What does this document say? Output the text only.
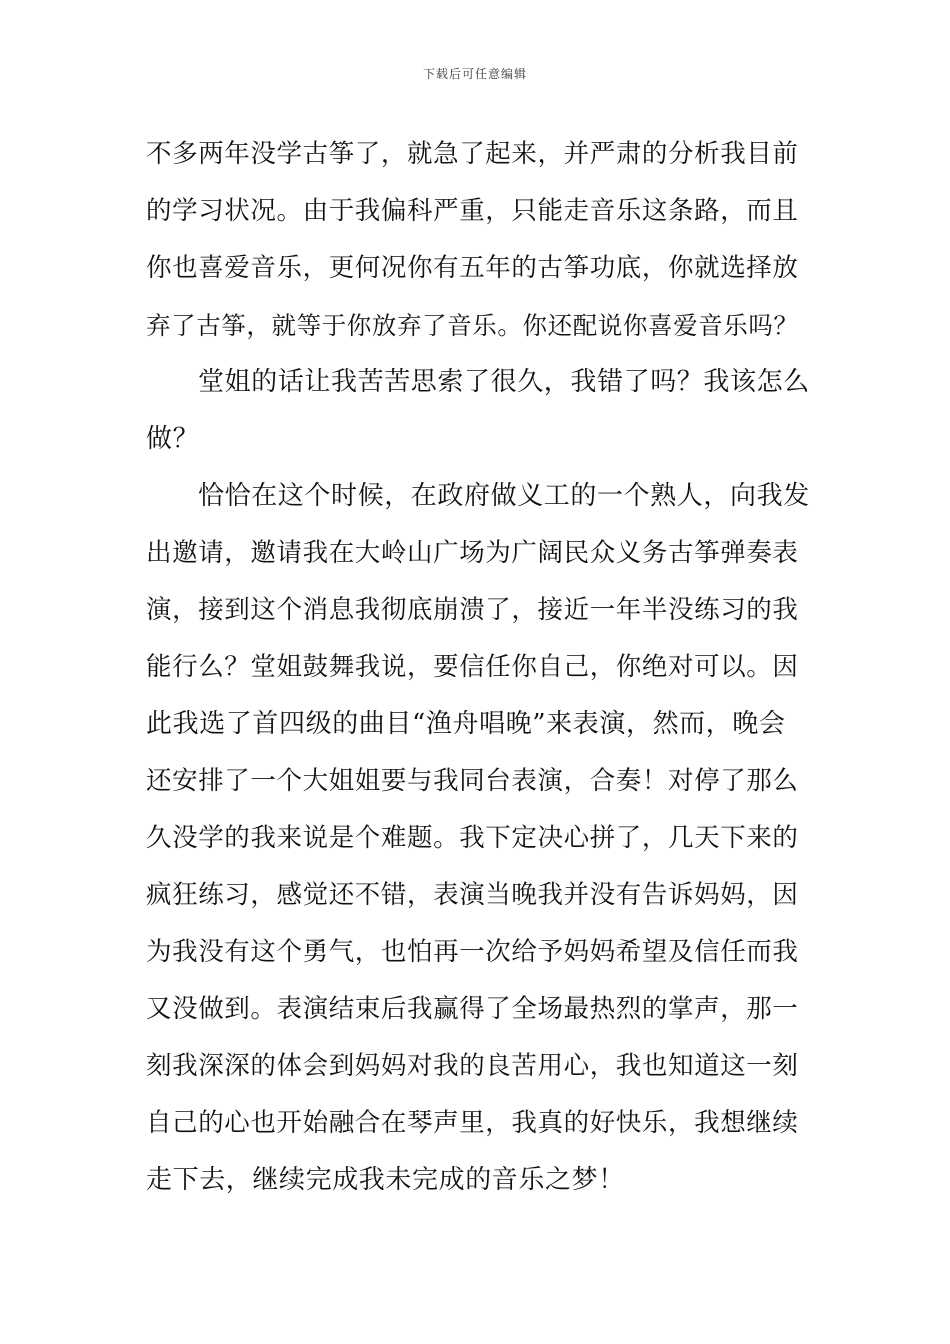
下载后可任意编辑
不多两年没学古筝了，就急了起来，并严肃的分析我目前
的学习状况。由于我偏科严重，只能走音乐这条路，而且
你也喜爱音乐，更何况你有五年的古筝功底，你就选择放
弃了古筝，就等于你放弃了音乐。你还配说你喜爱音乐吗？
堂姐的话让我苦苦思索了很久，我错了吗？我该怎么
做？
恰恰在这个时候，在政府做义工的一个熟人，向我发
出邀请，邀请我在大岭山广场为广阔民众义务古筝弹奏表
演，接到这个消息我彻底崩溃了，接近一年半没练习的我
能行么？堂姐鼓舞我说，要信任你自己，你绝对可以。因
此我选了首四级的曲目“渔舟唱晚”来表演，然而，晚会
还安排了一个大姐姐要与我同台表演，合奏！对停了那么
久没学的我来说是个难题。我下定决心拼了，几天下来的
疯狂练习，感觉还不错，表演当晚我并没有告诉妈妈，因
为我没有这个勇气，也怕再一次给予妈妈希望及信任而我
又没做到。表演结束后我赢得了全场最热烈的掌声，那一
刻我深深的体会到妈妈对我的良苦用心，我也知道这一刻
自己的心也开始融合在琴声里，我真的好快乐，我想继续
走下去，继续完成我未完成的音乐之梦！
